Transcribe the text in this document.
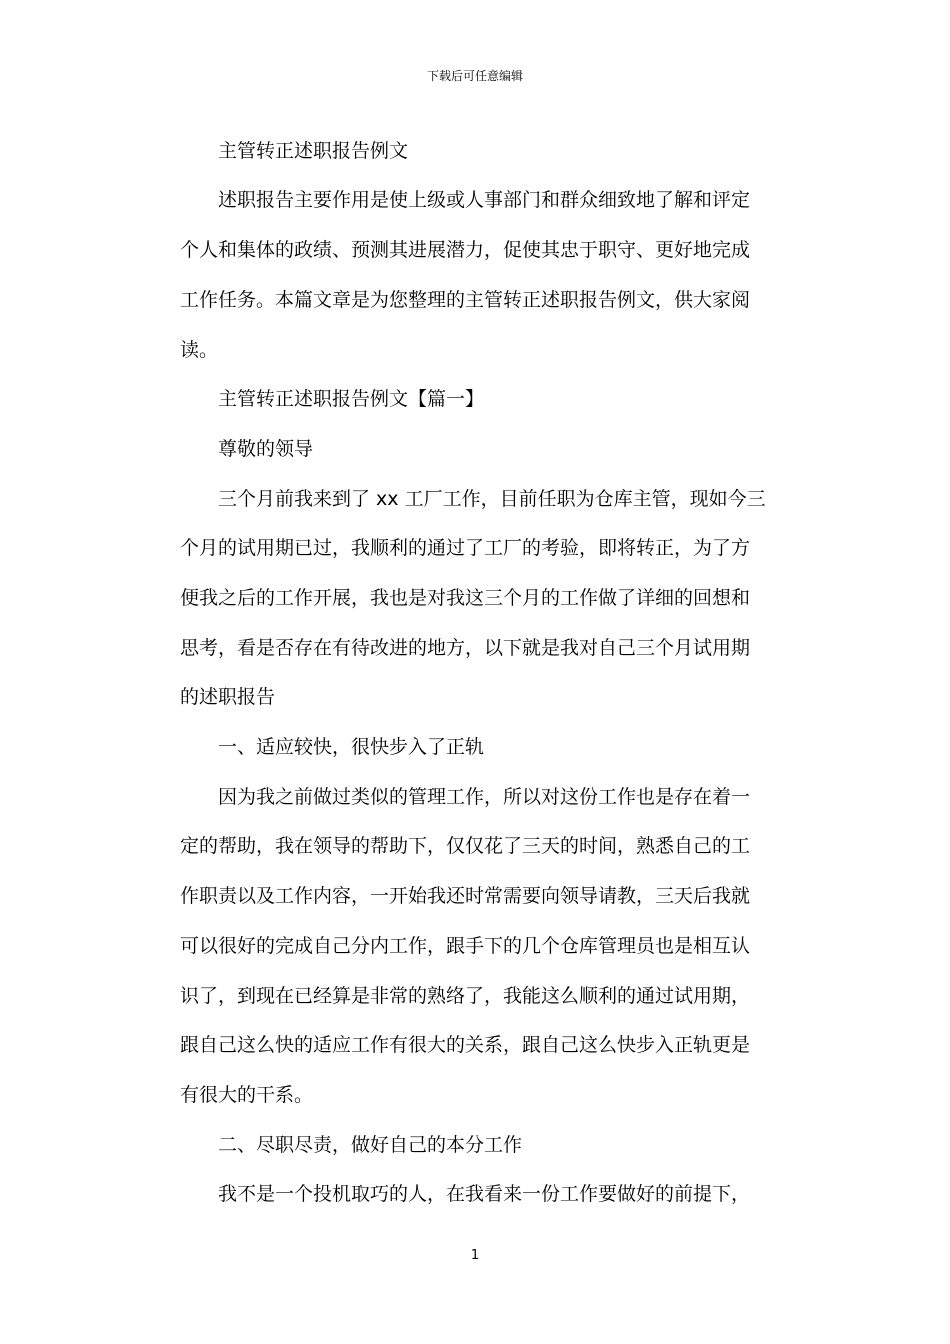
下载后可任意编辑
主管转正述职报告例文
述职报告主要作用是使上级或人事部门和群众细致地了解和评定
个人和集体的政绩、预测其进展潜力，促使其忠于职守、更好地完成
工作任务。本篇文章是为您整理的主管转正述职报告例文，供大家阅
读。
主管转正述职报告例文【篇一】
尊敬的领导
三个月前我来到了 xx 工厂工作，目前任职为仓库主管，现如今三
个月的试用期已过，我顺利的通过了工厂的考验，即将转正，为了方
便我之后的工作开展，我也是对我这三个月的工作做了详细的回想和
思考，看是否存在有待改进的地方，以下就是我对自己三个月试用期
的述职报告
一、适应较快，很快步入了正轨
因为我之前做过类似的管理工作，所以对这份工作也是存在着一
定的帮助，我在领导的帮助下，仅仅花了三天的时间，熟悉自己的工
作职责以及工作内容，一开始我还时常需要向领导请教，三天后我就
可以很好的完成自己分内工作，跟手下的几个仓库管理员也是相互认
识了，到现在已经算是非常的熟络了，我能这么顺利的通过试用期，
跟自己这么快的适应工作有很大的关系，跟自己这么快步入正轨更是
有很大的干系。
二、尽职尽责，做好自己的本分工作
我不是一个投机取巧的人，在我看来一份工作要做好的前提下，
1
